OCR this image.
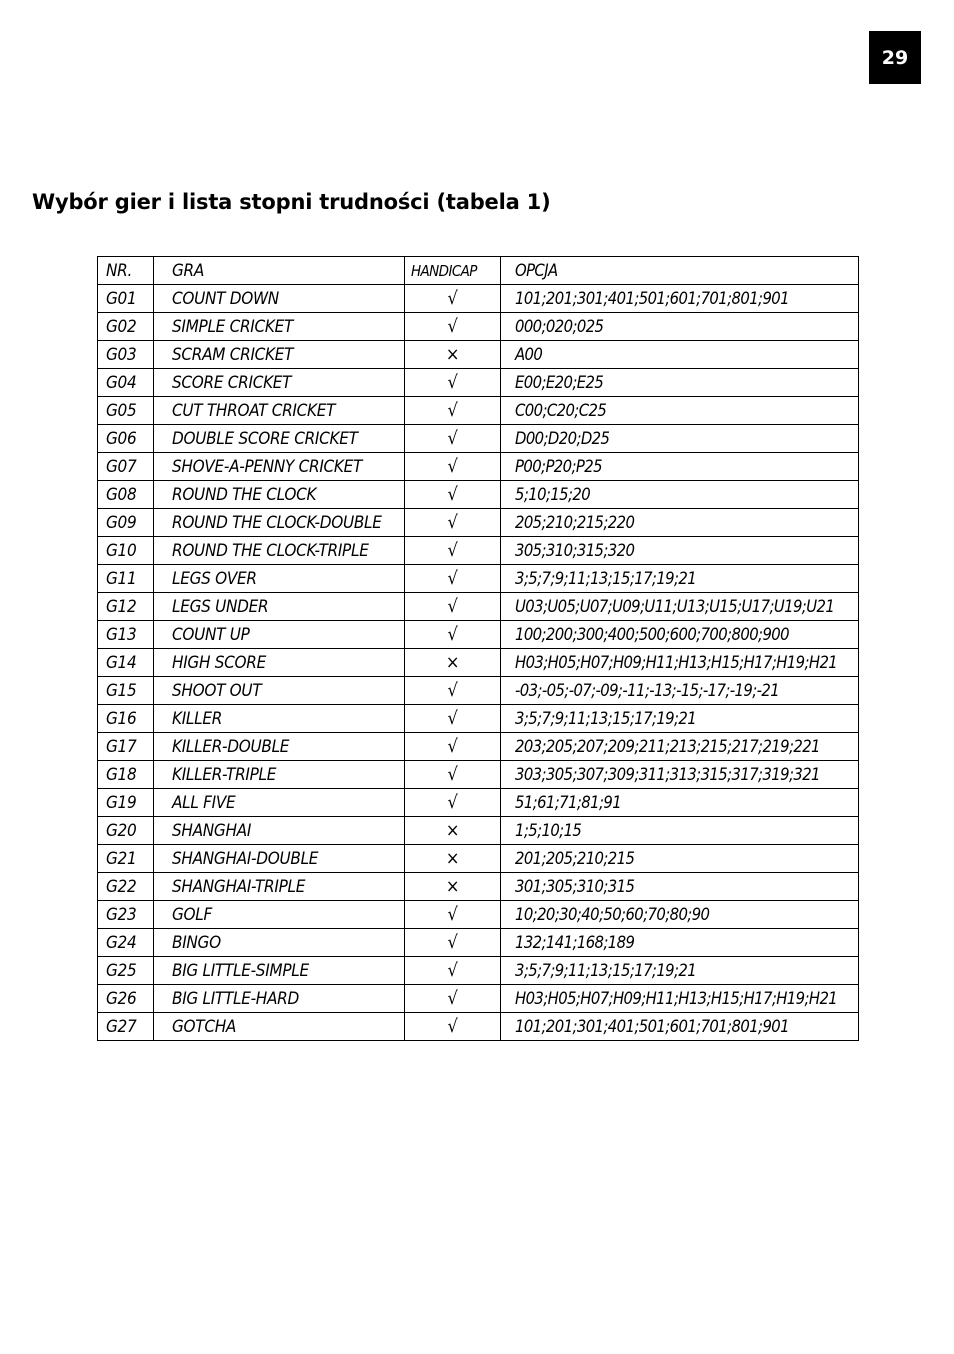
29
Wybór gier i lista stopni trudności (tabela 1)
NR.	GRA	HANDICAP	OPCJA
G01	COUNT DOWN	√	101;201;301;401;501;601;701;801;901
G02	SIMPLE CRICKET	√	000;020;025
G03	SCRAM CRICKET	×	A00
G04	SCORE CRICKET	√	E00;E20;E25
G05	CUT THROAT CRICKET	√	C00;C20;C25
G06	DOUBLE SCORE CRICKET	√	D00;D20;D25
G07	SHOVE-A-PENNY CRICKET	√	P00;P20;P25
G08	ROUND THE CLOCK	√	5;10;15;20
G09	ROUND THE CLOCK-DOUBLE	√	205;210;215;220
G10	ROUND THE CLOCK-TRIPLE	√	305;310;315;320
G11	LEGS OVER	√	3;5;7;9;11;13;15;17;19;21
G12	LEGS UNDER	√	U03;U05;U07;U09;U11;U13;U15;U17;U19;U21
G13	COUNT UP	√	100;200;300;400;500;600;700;800;900
G14	HIGH SCORE	×	H03;H05;H07;H09;H11;H13;H15;H17;H19;H21
G15	SHOOT OUT	√	-03;-05;-07;-09;-11;-13;-15;-17;-19;-21
G16	KILLER	√	3;5;7;9;11;13;15;17;19;21
G17	KILLER-DOUBLE	√	203;205;207;209;211;213;215;217;219;221
G18	KILLER-TRIPLE	√	303;305;307;309;311;313;315;317;319;321
G19	ALL FIVE	√	51;61;71;81;91
G20	SHANGHAI	×	1;5;10;15
G21	SHANGHAI-DOUBLE	×	201;205;210;215
G22	SHANGHAI-TRIPLE	×	301;305;310;315
G23	GOLF	√	10;20;30;40;50;60;70;80;90
G24	BINGO	√	132;141;168;189
G25	BIG LITTLE-SIMPLE	√	3;5;7;9;11;13;15;17;19;21
G26	BIG LITTLE-HARD	√	H03;H05;H07;H09;H11;H13;H15;H17;H19;H21
G27	GOTCHA	√	101;201;301;401;501;601;701;801;901
